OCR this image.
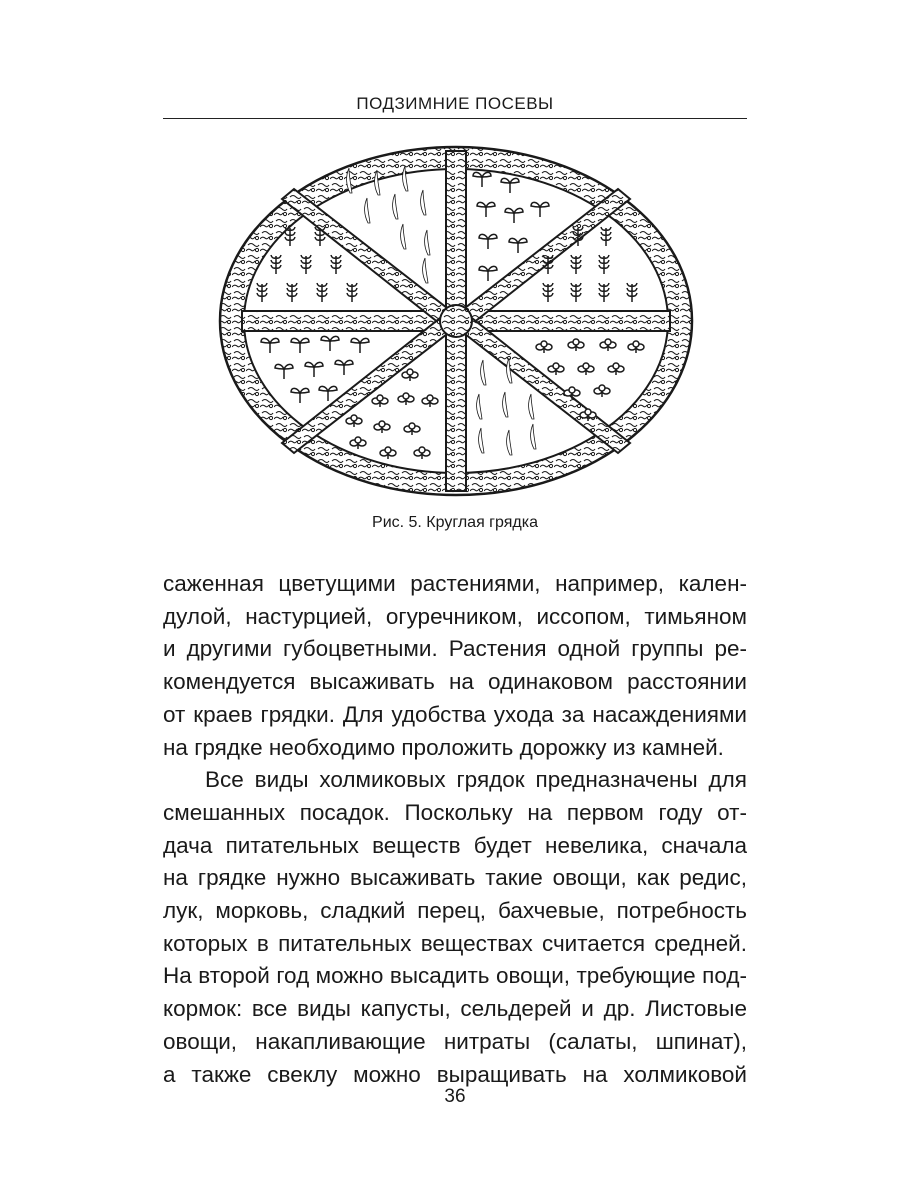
ПОДЗИМНИЕ ПОСЕВЫ
Рис. 5. Круглая грядка
саженная цветущими растениями, например, кален-
дулой, настурцией, огуречником, иссопом, тимьяном
и другими губоцветными. Растения одной группы ре-
комендуется высаживать на одинаковом расстоянии
от краев грядки. Для удобства ухода за насаждениями
на грядке необходимо проложить дорожку из камней.
Все виды холмиковых грядок предназначены для
смешанных посадок. Поскольку на первом году от-
дача питательных веществ будет невелика, сначала
на грядке нужно высаживать такие овощи, как редис,
лук, морковь, сладкий перец, бахчевые, потребность
которых в питательных веществах считается средней.
На второй год можно высадить овощи, требующие под-
кормок: все виды капусты, сельдерей и др. Листовые
овощи, накапливающие нитраты (салаты, шпинат),
а также свеклу можно выращивать на холмиковой
36
